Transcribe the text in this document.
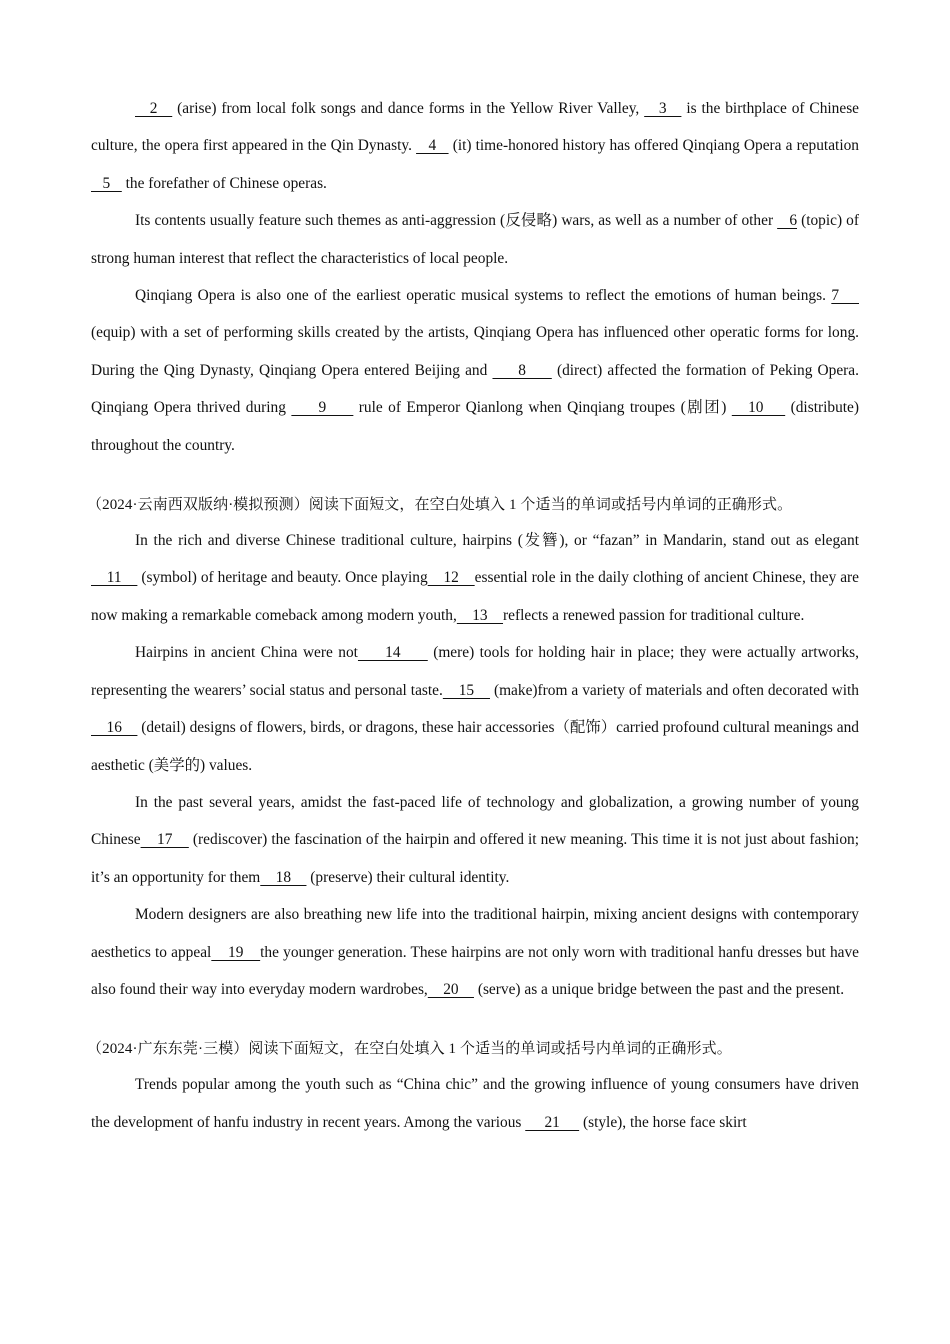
2    (arise) from local folk songs and dance forms in the Yellow River Valley,    3    is the birthplace of Chinese culture, the opera first appeared in the Qin Dynasty.    4    (it) time-honored history has offered Qinqiang Opera a reputation    5    the forefather of Chinese operas.

Its contents usually feature such themes as anti-aggression (反侵略) wars, as well as a number of other    6 (topic) of strong human interest that reflect the characteristics of local people.

Qinqiang Opera is also one of the earliest operatic musical systems to reflect the emotions of human beings. 7     (equip) with a set of performing skills created by the artists, Qinqiang Opera has influenced other operatic forms for long. During the Qing Dynasty, Qinqiang Opera entered Beijing and      8      (direct) affected the formation of Peking Opera. Qinqiang Opera thrived during      9      rule of Emperor Qianlong when Qinqiang troupes (剧团)    10     (distribute) throughout the country.

（2024·云南西双版纳·模拟预测）阅读下面短文，在空白处填入 1 个适当的单词或括号内单词的正确形式。

In the rich and diverse Chinese traditional culture, hairpins (发簪), or “fazan” in Mandarin, stand out as elegant    11     (symbol) of heritage and beauty. Once playing    12    essential role in the daily clothing of ancient Chinese, they are now making a remarkable comeback among modern youth,    13    reflects a renewed passion for traditional culture.

Hairpins in ancient China were not     14      (mere) tools for holding hair in place; they were actually artworks, representing the wearers’ social status and personal taste.    15     (make)from a variety of materials and often decorated with    16     (detail) designs of flowers, birds, or dragons, these hair accessories（配饰）carried profound cultural meanings and aesthetic (美学的) values.

In the past several years, amidst the fast-paced life of technology and globalization, a growing number of young Chinese    17     (rediscover) the fascination of the hairpin and offered it new meaning. This time it is not just about fashion; it’s an opportunity for them    18     (preserve) their cultural identity.

Modern designers are also breathing new life into the traditional hairpin, mixing ancient designs with contemporary aesthetics to appeal    19    the younger generation. These hairpins are not only worn with traditional hanfu dresses but have also found their way into everyday modern wardrobes,    20     (serve) as a unique bridge between the past and the present.

（2024·广东东莞·三模）阅读下面短文，在空白处填入 1 个适当的单词或括号内单词的正确形式。

Trends popular among the youth such as “China chic” and the growing influence of young consumers have driven the development of hanfu industry in recent years. Among the various      21      (style), the horse face skirt
